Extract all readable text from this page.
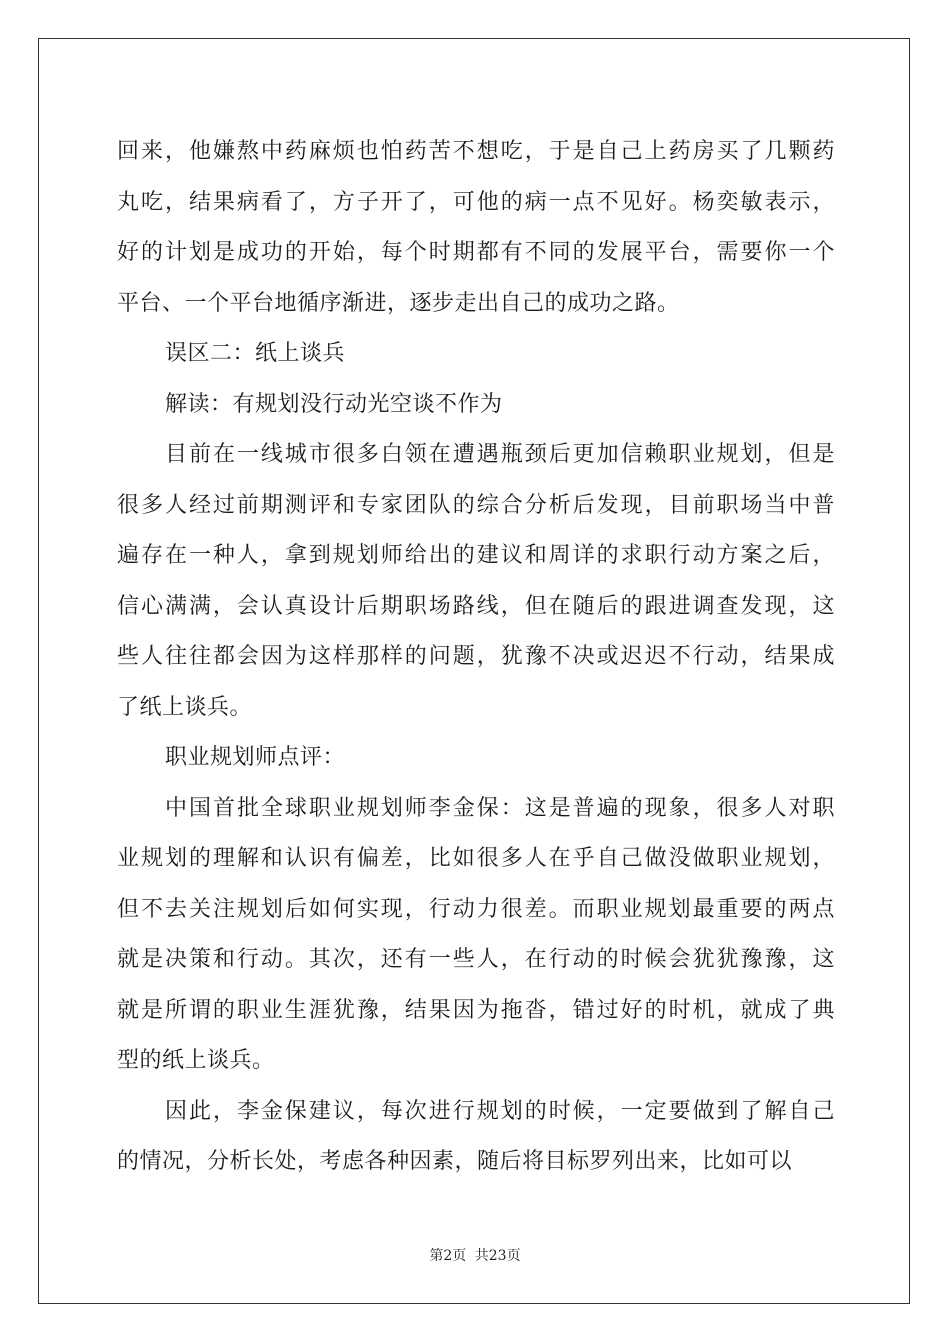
回来，他嫌熬中药麻烦也怕药苦不想吃，于是自己上药房买了几颗药
丸吃，结果病看了，方子开了，可他的病一点不见好。杨奕敏表示，
好的计划是成功的开始，每个时期都有不同的发展平台，需要你一个
平台、一个平台地循序渐进，逐步走出自己的成功之路。
误区二：纸上谈兵
解读：有规划没行动光空谈不作为
目前在一线城市很多白领在遭遇瓶颈后更加信赖职业规划，但是
很多人经过前期测评和专家团队的综合分析后发现，目前职场当中普
遍存在一种人，拿到规划师给出的建议和周详的求职行动方案之后，
信心满满，会认真设计后期职场路线，但在随后的跟进调查发现，这
些人往往都会因为这样那样的问题，犹豫不决或迟迟不行动，结果成
了纸上谈兵。
职业规划师点评：
中国首批全球职业规划师李金保：这是普遍的现象，很多人对职
业规划的理解和认识有偏差，比如很多人在乎自己做没做职业规划，
但不去关注规划后如何实现，行动力很差。而职业规划最重要的两点
就是决策和行动。其次，还有一些人，在行动的时候会犹犹豫豫，这
就是所谓的职业生涯犹豫，结果因为拖沓，错过好的时机，就成了典
型的纸上谈兵。
因此，李金保建议，每次进行规划的时候，一定要做到了解自己
的情况，分析长处，考虑各种因素，随后将目标罗列出来，比如可以
第2页 共23页
